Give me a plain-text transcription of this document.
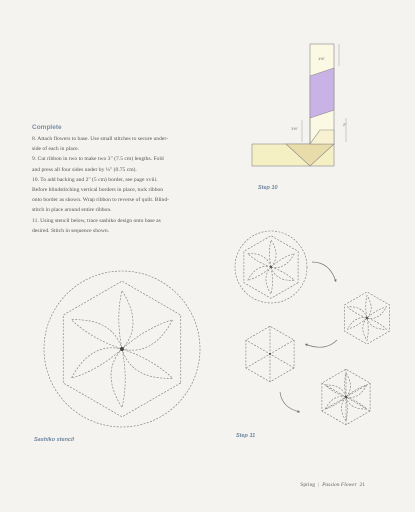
Complete

8. Attach flowers to base. Use small stitches to secure under-

side of each in place.

9. Cut ribbon in two to make two 3" (7.5 cm) lengths. Fold

and press all four sides under by ¼" (0.75 cm).

10. To add backing and 2" (5 cm) border, see page xviii.

Before blindstitching vertical borders in place, tuck ribbon

onto border as shown. Wrap ribbon to reverse of quilt. Blind-

stitch in place around entire ribbon.

11. Using stencil below, trace sashiko design onto base as

desired. Stitch in sequence shown.

1⅜"
1⅜"
2"
Step 10
Sashiko stencil
Step 11
Spring | Passion Flower 21
